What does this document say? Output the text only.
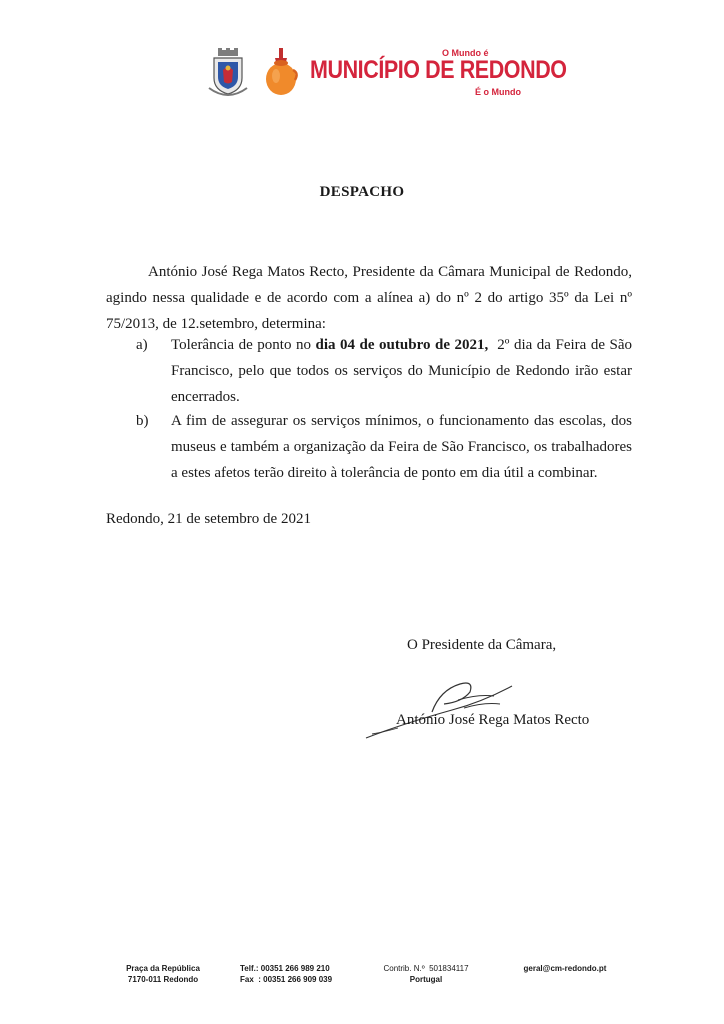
O Mundo é
MUNICÍPIO DE REDONDO
É o Mundo
DESPACHO

António José Rega Matos Recto, Presidente da Câmara Municipal de Redondo, agindo nessa qualidade e de acordo com a alínea a) do nº 2 do artigo 35º da Lei nº 75/2013, de 12.setembro, determina:

a) Tolerância de ponto no dia 04 de outubro de 2021,  2º dia da Feira de São Francisco, pelo que todos os serviços do Município de Redondo irão estar encerrados.
b) A fim de assegurar os serviços mínimos, o funcionamento das escolas, dos museus e também a organização da Feira de São Francisco, os trabalhadores a estes afetos terão direito à tolerância de ponto em dia útil a combinar.
Redondo, 21 de setembro de 2021
O Presidente da Câmara,
António José Rega Matos Recto
Praça da República
7170-011 Redondo
Telf.: 00351 266 989 210
Fax  : 00351 266 909 039
Contrib. N.º  501834117
Portugal
geral@cm-redondo.pt
